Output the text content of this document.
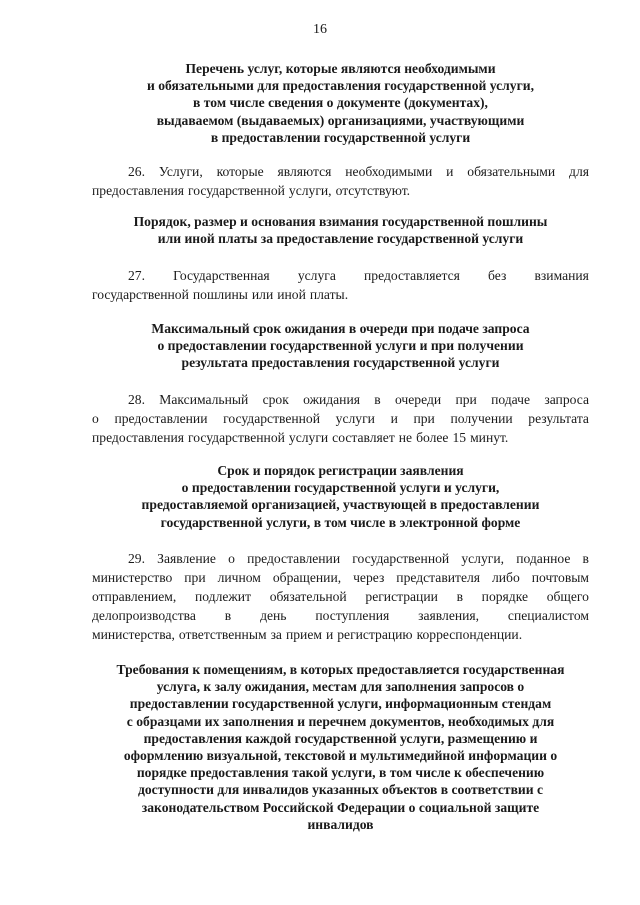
16
Перечень услуг, которые являются необходимыми
и обязательными для предоставления государственной услуги,
в том числе сведения о документе (документах),
выдаваемом (выдаваемых) организациями, участвующими
в предоставлении государственной услуги
26. Услуги, которые являются необходимыми и обязательными для
предоставления государственной услуги, отсутствуют.
Порядок, размер и основания взимания государственной пошлины
или иной платы за предоставление государственной услуги
27. Государственная услуга предоставляется без взимания
государственной пошлины или иной платы.
Максимальный срок ожидания в очереди при подаче запроса
о предоставлении государственной услуги и при получении
результата предоставления государственной услуги
28. Максимальный срок ожидания в очереди при подаче запроса
о предоставлении государственной услуги и при получении результата
предоставления государственной услуги составляет не более 15 минут.
Срок и порядок регистрации заявления
о предоставлении государственной услуги и услуги,
предоставляемой организацией, участвующей в предоставлении
государственной услуги, в том числе в электронной форме
29. Заявление о предоставлении государственной услуги, поданное в
министерство при личном обращении, через представителя либо почтовым
отправлением, подлежит обязательной регистрации в порядке общего
делопроизводства в день поступления заявления, специалистом
министерства, ответственным за прием и регистрацию корреспонденции.
Требования к помещениям, в которых предоставляется государственная
услуга, к залу ожидания, местам для заполнения запросов о
предоставлении государственной услуги, информационным стендам
с образцами их заполнения и перечнем документов, необходимых для
предоставления каждой государственной услуги, размещению и
оформлению визуальной, текстовой и мультимедийной информации о
порядке предоставления такой услуги, в том числе к обеспечению
доступности для инвалидов указанных объектов в соответствии с
законодательством Российской Федерации о социальной защите
инвалидов
